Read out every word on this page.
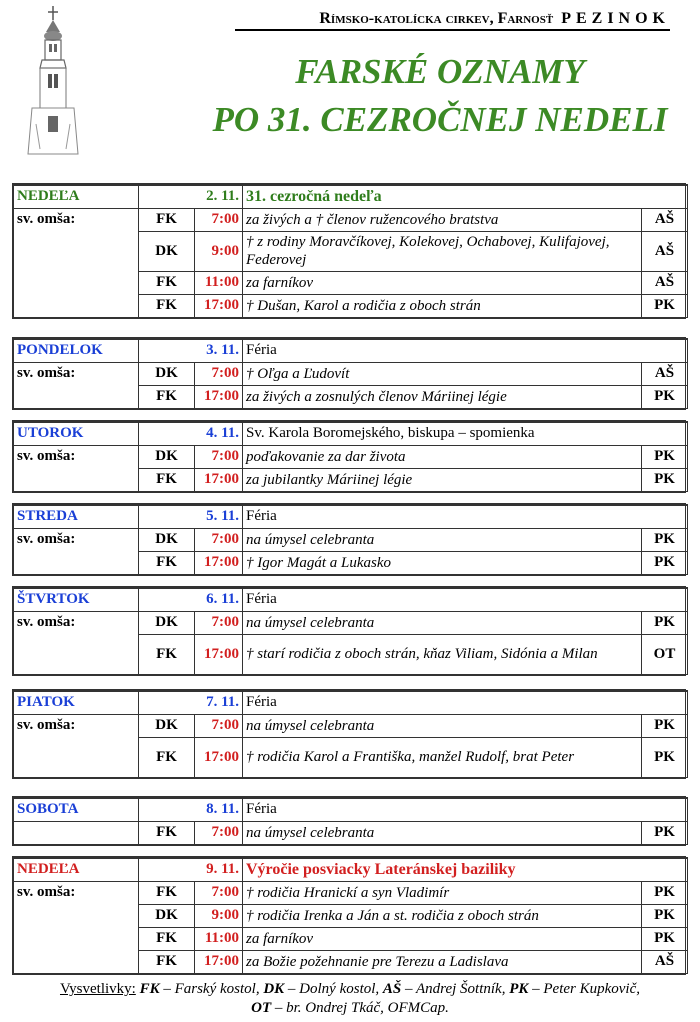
Rímsko-katolícka cirkev, Farnosť PEZINOK
FARSKÉ OZNAMY
PO 31. CEZROČNEJ NEDELI
NEDEĽA	2. 11.		31. cezročná nedeľa	
sv. omša:	FK	7:00	za živých a † členov ružencového bratstva	AŠ
	DK	9:00	† z rodiny Moravčíkovej, Kolekovej, Ochabovej, Kulifajovej, Federovej	AŠ
	FK	11:00	za farníkov	AŠ
	FK	17:00	† Dušan, Karol a rodičia z oboch strán	PK
PONDELOK	3. 11.		Féria	
sv. omša:	DK	7:00	† Oľga a Ľudovít	AŠ
	FK	17:00	za živých a zosnulých členov Máriinej légie	PK
UTOROK	4. 11.		Sv. Karola Boromejského, biskupa – spomienka	
sv. omša:	DK	7:00	poďakovanie za dar života	PK
	FK	17:00	za jubilantky Máriinej légie	PK
STREDA	5. 11.		Féria	
sv. omša:	DK	7:00	na úmysel celebranta	PK
	FK	17:00	† Igor Magát a Lukasko	PK
ŠTVRTOK	6. 11.		Féria	
sv. omša:	DK	7:00	na úmysel celebranta	PK
	FK	17:00	† starí rodičia z oboch strán, kňaz Viliam, Sidónia a Milan	OT
PIATOK	7. 11.		Féria	
sv. omša:	DK	7:00	na úmysel celebranta	PK
	FK	17:00	† rodičia Karol a Františka, manžel Rudolf, brat Peter	PK
SOBOTA	8. 11.		Féria	
	FK	7:00	na úmysel celebranta	PK
NEDEĽA	9. 11.		Výročie posviacky Lateránskej baziliky	
sv. omša:	FK	7:00	† rodičia Hranickí a syn Vladimír	PK
	DK	9:00	† rodičia Irenka a Ján a st. rodičia z oboch strán	PK
	FK	11:00	za farníkov	PK
	FK	17:00	za Božie požehnanie pre Terezu a Ladislava	AŠ
Vysvetlivky: FK – Farský kostol, DK – Dolný kostol, AŠ – Andrej Šottník, PK – Peter Kupkovič,
OT – br. Ondrej Tkáč, OFMCap.
